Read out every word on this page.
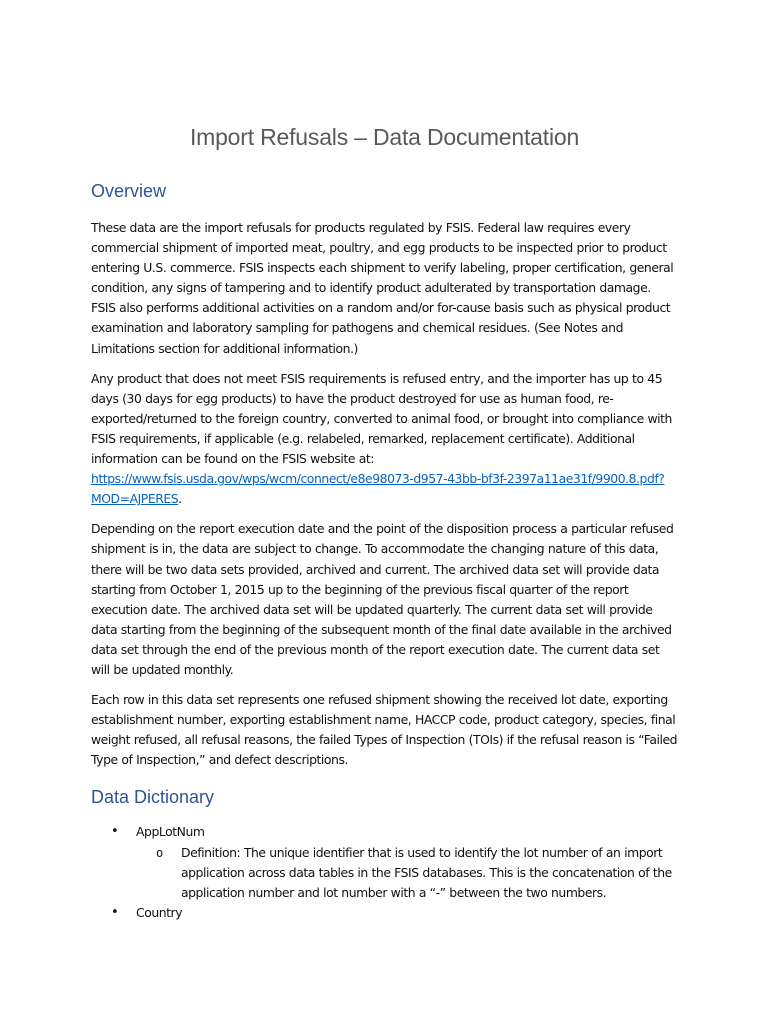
Import Refusals – Data Documentation
Overview

These data are the import refusals for products regulated by FSIS. Federal law requires every commercial shipment of imported meat, poultry, and egg products to be inspected prior to product entering U.S. commerce. FSIS inspects each shipment to verify labeling, proper certification, general condition, any signs of tampering and to identify product adulterated by transportation damage. FSIS also performs additional activities on a random and/or for-cause basis such as physical product examination and laboratory sampling for pathogens and chemical residues. (See Notes and Limitations section for additional information.)

Any product that does not meet FSIS requirements is refused entry, and the importer has up to 45 days (30 days for egg products) to have the product destroyed for use as human food, re-exported/returned to the foreign country, converted to animal food, or brought into compliance with FSIS requirements, if applicable (e.g. relabeled, remarked, replacement certificate). Additional information can be found on the FSIS website at: https://www.fsis.usda.gov/wps/wcm/connect/e8e98073-d957-43bb-bf3f-2397a11ae31f/9900.8.pdf?MOD=AJPERES.

Depending on the report execution date and the point of the disposition process a particular refused shipment is in, the data are subject to change. To accommodate the changing nature of this data, there will be two data sets provided, archived and current. The archived data set will provide data starting from October 1, 2015 up to the beginning of the previous fiscal quarter of the report execution date. The archived data set will be updated quarterly. The current data set will provide data starting from the beginning of the subsequent month of the final date available in the archived data set through the end of the previous month of the report execution date. The current data set will be updated monthly.

Each row in this data set represents one refused shipment showing the received lot date, exporting establishment number, exporting establishment name, HACCP code, product category, species, final weight refused, all refusal reasons, the failed Types of Inspection (TOIs) if the refusal reason is “Failed Type of Inspection,” and defect descriptions.

Data Dictionary
• AppLotNum
o Definition: The unique identifier that is used to identify the lot number of an import application across data tables in the FSIS databases. This is the concatenation of the application number and lot number with a “-” between the two numbers.
• Country
